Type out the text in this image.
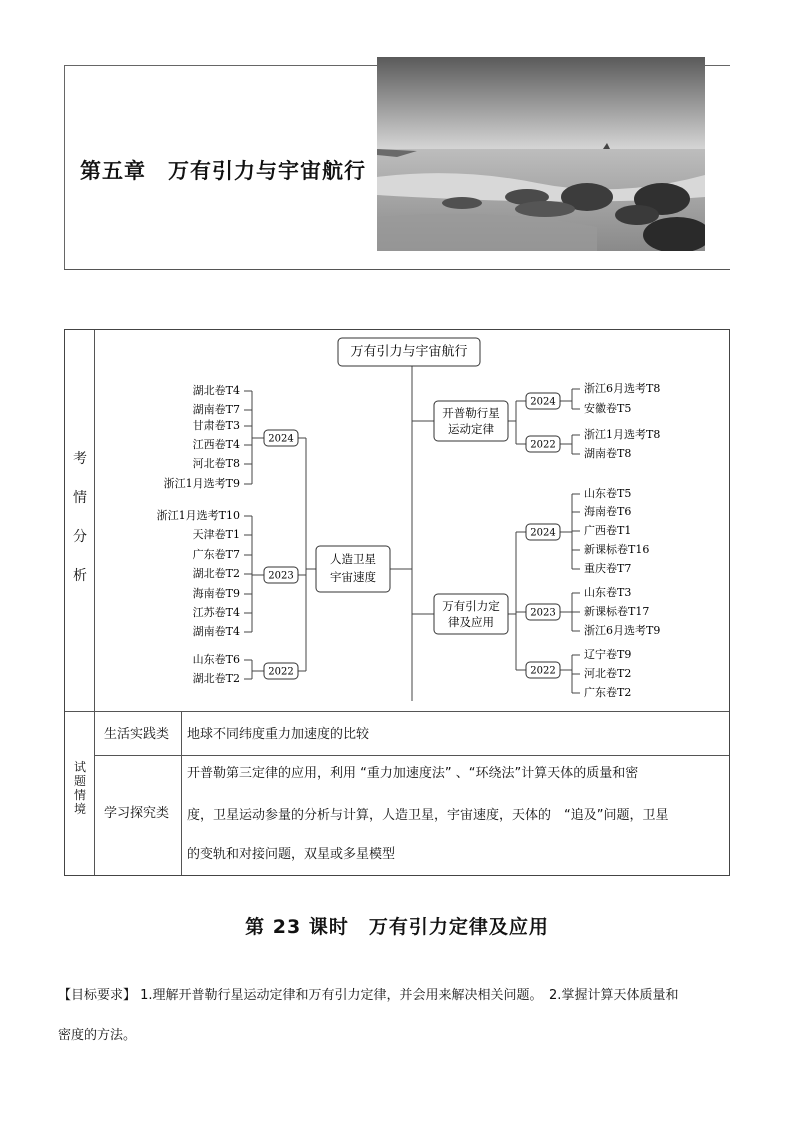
第五章　万有引力与宇宙航行
考
情
分
析
试
题
情
境
生活实践类 地球不同纬度重力加速度的比较
学习探究类
开普勒第三定律的应用，利用 “重力加速度法” 、“环绕法”计算天体的质量和密
度，卫星运动参量的分析与计算，人造卫星，宇宙速度，天体的　“追及”问题，卫星
的变轨和对接问题，双星或多星模型
万有引力与宇宙航行
人造卫星
宇宙速度
2024
湖北卷T4
湖南卷T7
甘肃卷T3
江西卷T4
河北卷T8
浙江1月选考T9
2023
浙江1月选考T10
天津卷T1
广东卷T7
湖北卷T2
海南卷T9
江苏卷T4
湖南卷T4
2022
山东卷T6
湖北卷T2
开普勒行星
运动定律
2024
浙江6月选考T8
安徽卷T5
2022
浙江1月选考T8
湖南卷T8
万有引力定
律及应用
2024
山东卷T5
海南卷T6
广西卷T1
新课标卷T16
重庆卷T7
2023
山东卷T3
新课标卷T17
浙江6月选考T9
2022
辽宁卷T9
河北卷T2
广东卷T2
第 23 课时　万有引力定律及应用
【目标要求】 1.理解开普勒行星运动定律和万有引力定律，并会用来解决相关问题。　2.掌握计算天体质量和
密度的方法。
